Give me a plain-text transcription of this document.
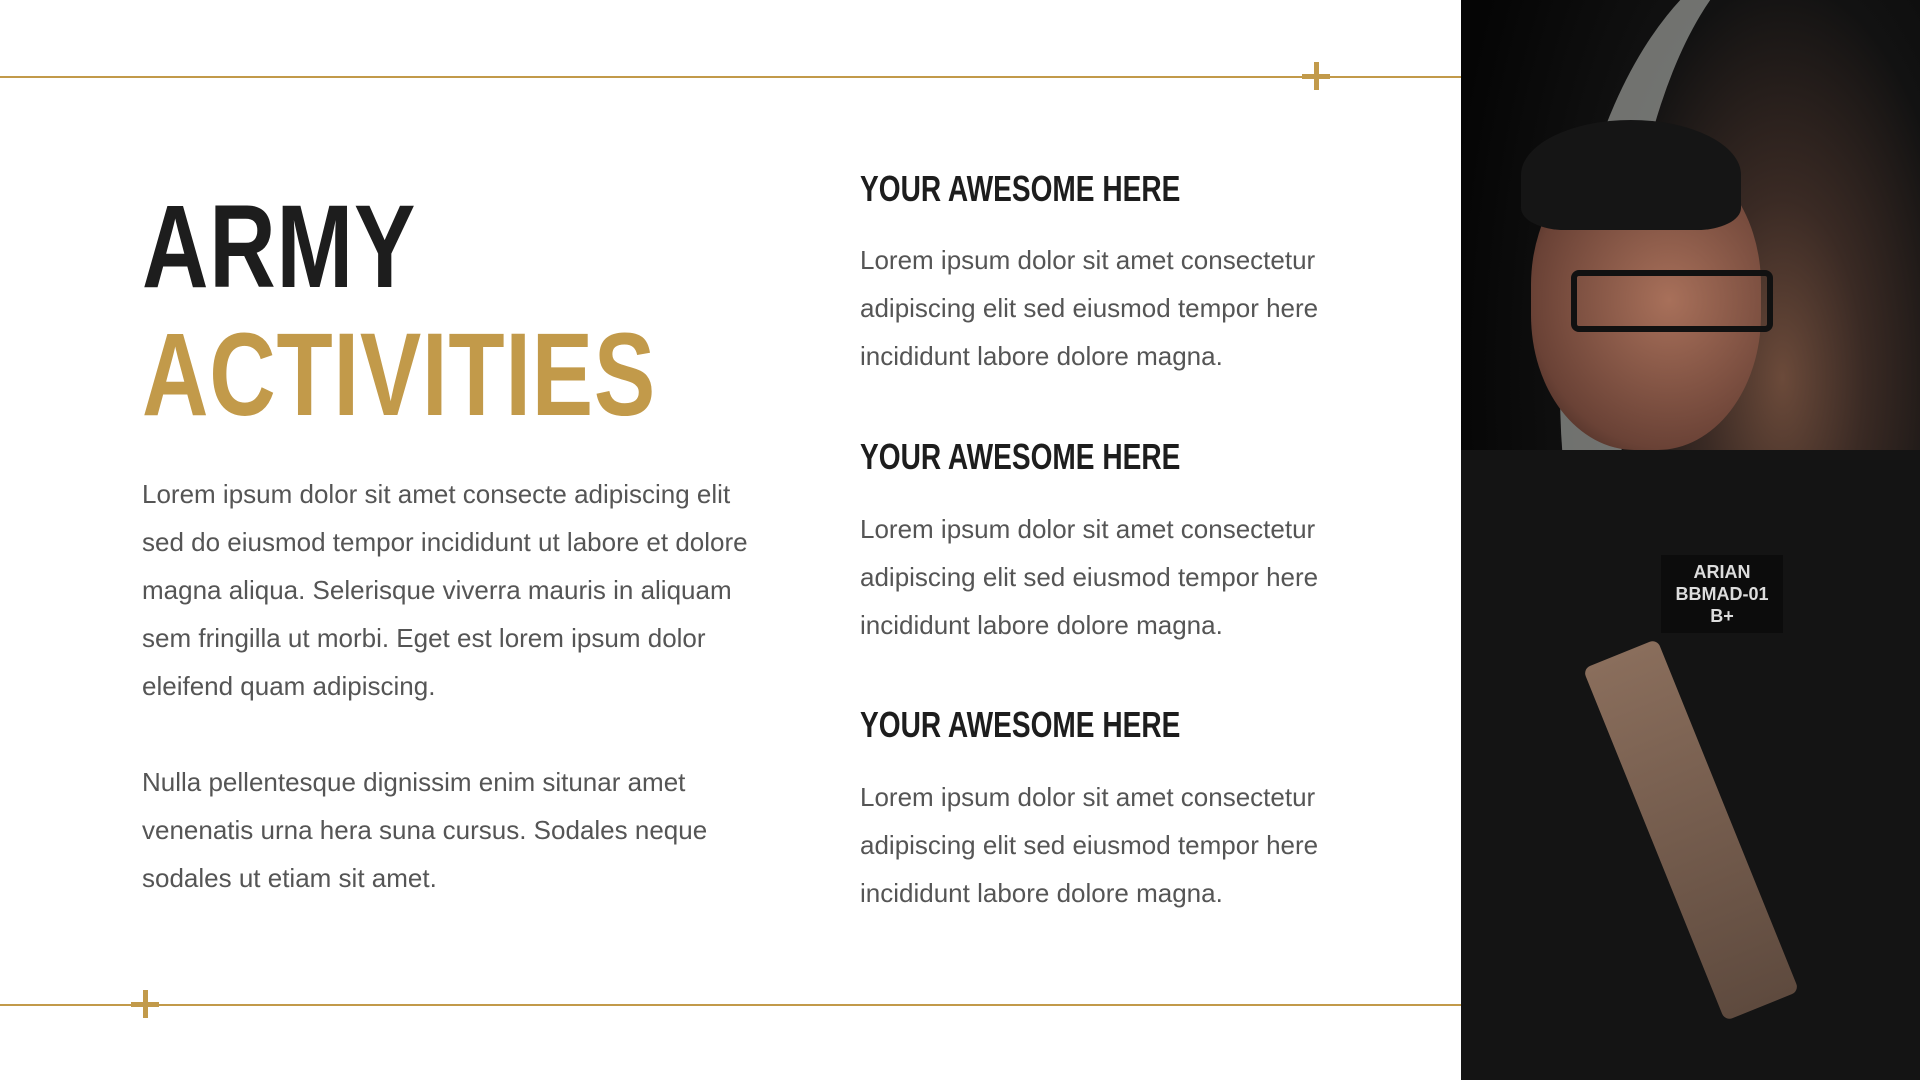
ARMY
ACTIVITIES

Lorem ipsum dolor sit amet consecte adipiscing elit sed do eiusmod tempor incididunt ut labore et dolore magna aliqua. Selerisque viverra mauris in aliquam sem fringilla ut morbi. Eget est lorem ipsum dolor eleifend quam adipiscing.

Nulla pellentesque dignissim enim situnar amet venenatis urna hera suna cursus. Sodales neque sodales ut etiam sit amet.

YOUR AWESOME HERE

Lorem ipsum dolor sit amet consectetur adipiscing elit sed eiusmod tempor here incididunt labore dolore magna.

YOUR AWESOME HERE

Lorem ipsum dolor sit amet consectetur adipiscing elit sed eiusmod tempor here incididunt labore dolore magna.

YOUR AWESOME HERE

Lorem ipsum dolor sit amet consectetur adipiscing elit sed eiusmod tempor here incididunt labore dolore magna.

ARIAN BBMAD-01 B+
